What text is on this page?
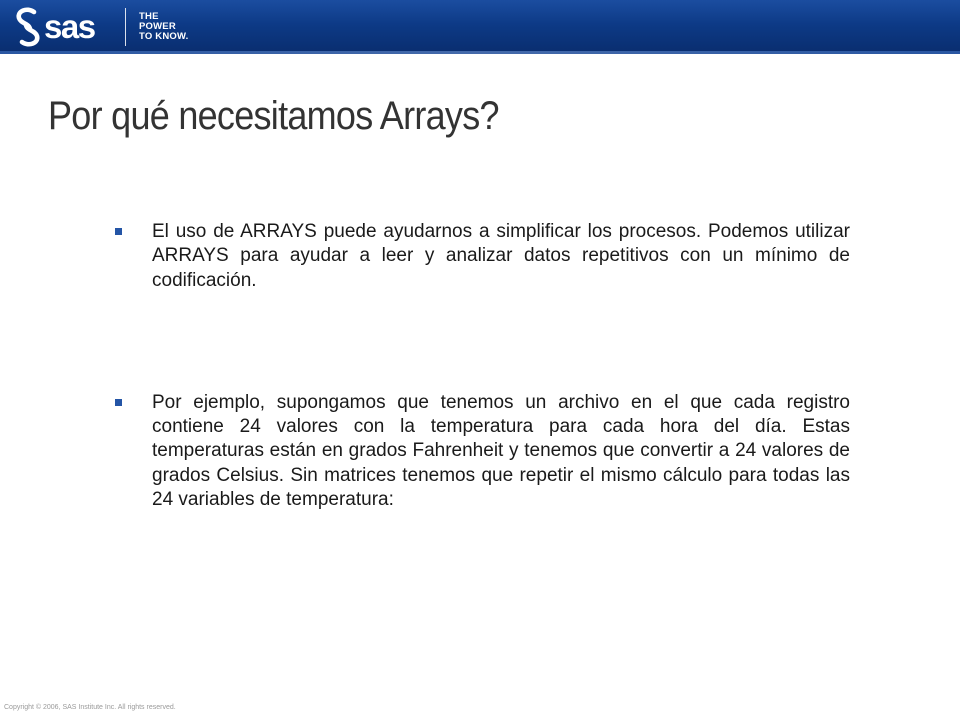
sas	THE
POWER
TO KNOW.
Por qué necesitamos Arrays?
El uso de ARRAYS puede ayudarnos a simplificar los procesos. Podemos utilizar ARRAYS para ayudar a leer y analizar datos repetitivos con un mínimo de codificación.
Por ejemplo, supongamos que tenemos un archivo en el que cada registro contiene 24 valores con la temperatura para cada hora del día. Estas temperaturas están en grados Fahrenheit y tenemos que convertir a 24 valores de grados Celsius. Sin matrices tenemos que repetir el mismo cálculo para todas las 24 variables de temperatura:
Copyright © 2006, SAS Institute Inc. All rights reserved.
